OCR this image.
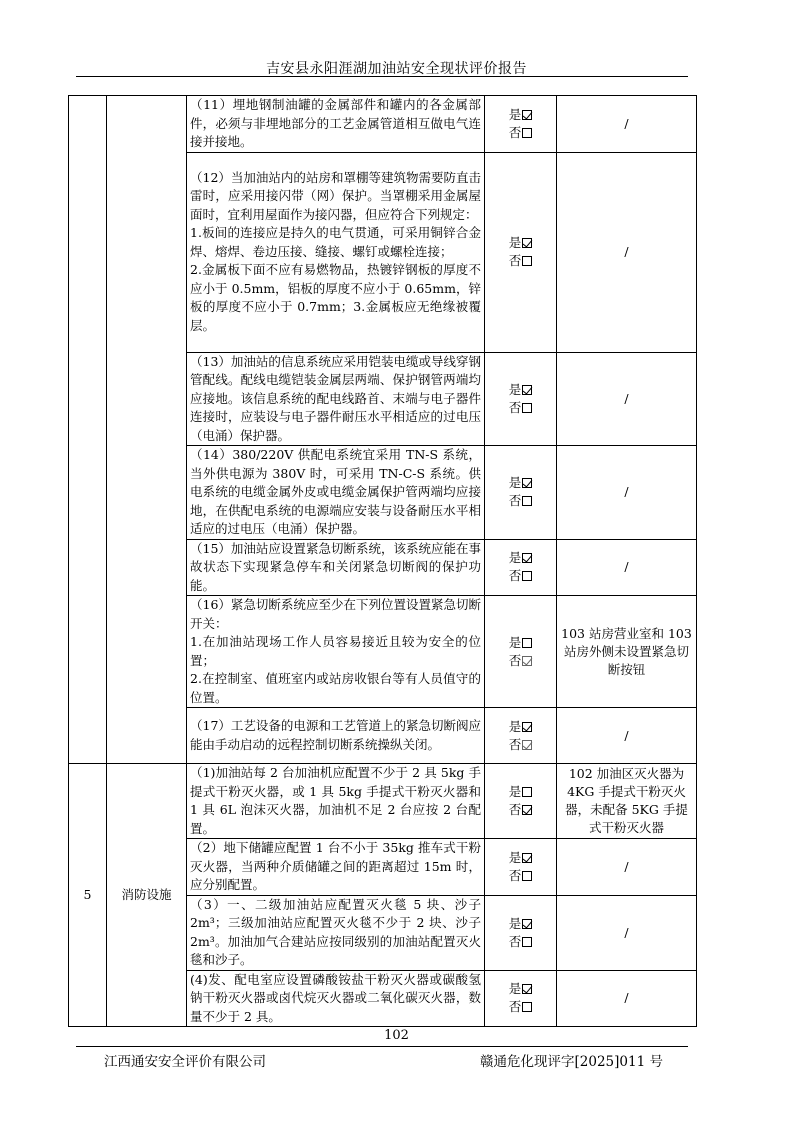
吉安县永阳涯湖加油站安全现状评价报告
		（11）埋地钢制油罐的金属部件和罐内的各金属部件，必须与非埋地部分的工艺金属管道相互做电气连接并接地。	是
否	/
		（12）当加油站内的站房和罩棚等建筑物需要防直击雷时，应采用接闪带（网）保护。当罩棚采用金属屋面时，宜利用屋面作为接闪器，但应符合下列规定：
1.板间的连接应是持久的电气贯通，可采用铜锌合金焊、熔焊、卷边压接、缝接、螺钉或螺栓连接；
2.金属板下面不应有易燃物品，热镀锌钢板的厚度不应小于 0.5mm，铝板的厚度不应小于 0.65mm，锌板的厚度不应小于 0.7mm；3.金属板应无绝缘被覆层。	是
否	/
		（13）加油站的信息系统应采用铠装电缆或导线穿钢管配线。配线电缆铠装金属层两端、保护钢管两端均应接地。该信息系统的配电线路首、末端与电子器件连接时，应装设与电子器件耐压水平相适应的过电压（电涌）保护器。	是
否	/
		（14）380/220V 供配电系统宜采用 TN-S 系统，当外供电源为 380V 时，可采用 TN-C-S 系统。供电系统的电缆金属外皮或电缆金属保护管两端均应接地，在供配电系统的电源端应安装与设备耐压水平相适应的过电压（电涌）保护器。	是
否	/
		（15）加油站应设置紧急切断系统，该系统应能在事故状态下实现紧急停车和关闭紧急切断阀的保护功能。	是
否	/
		（16）紧急切断系统应至少在下列位置设置紧急切断开关：
1.在加油站现场工作人员容易接近且较为安全的位置；
2.在控制室、值班室内或站房收银台等有人员值守的位置。	是
否	103 站房营业室和 103 站房外侧未设置紧急切断按钮
		（17）工艺设备的电源和工艺管道上的紧急切断阀应能由手动启动的远程控制切断系统操纵关闭。	是
否	/
5	消防设施	（1)加油站每 2 台加油机应配置不少于 2 具 5kg 手提式干粉灭火器，或 1 具 5kg 手提式干粉灭火器和 1 具 6L 泡沫灭火器，加油机不足 2 台应按 2 台配置。	是
否	102 加油区灭火器为 4KG 手提式干粉灭火器，未配备 5KG 手提式干粉灭火器
		（2）地下储罐应配置 1 台不小于 35kg 推车式干粉灭火器，当两种介质储罐之间的距离超过 15m 时，应分别配置。	是
否	/
		（3）一、二级加油站应配置灭火毯 5 块、沙子 2m³；三级加油站应配置灭火毯不少于 2 块、沙子 2m³。加油加气合建站应按同级别的加油站配置灭火毯和沙子。	是
否	/
		(4)发、配电室应设置磷酸铵盐干粉灭火器或碳酸氢钠干粉灭火器或卤代烷灭火器或二氧化碳灭火器，数量不少于 2 具。	是
否	/
102
江西通安安全评价有限公司	赣通危化现评字[2025]011 号
